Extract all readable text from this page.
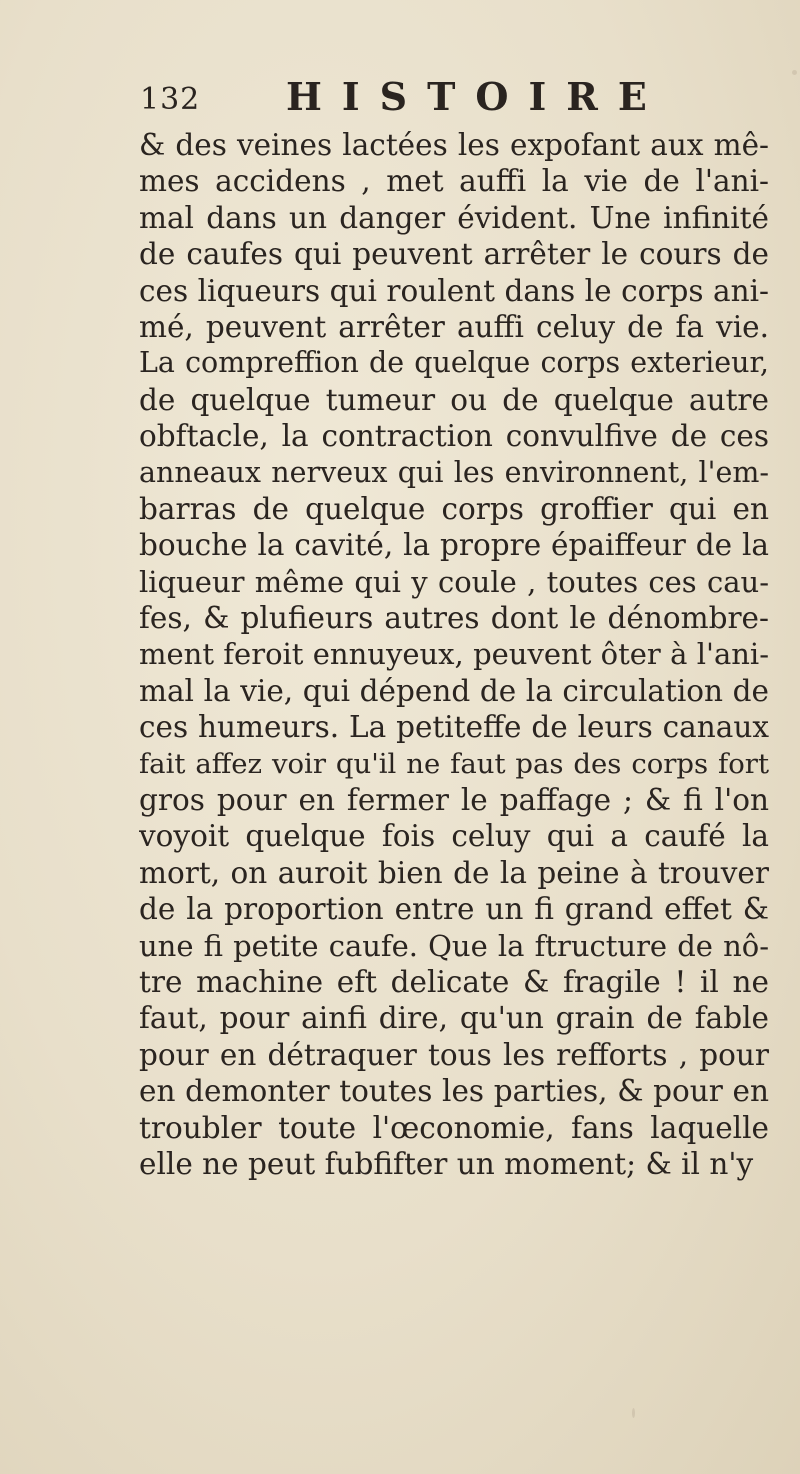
132 HISTOIRE
& des veines lactées les expofant aux mê-
mes accidens , met auffi la vie de l'ani-
mal dans un danger évident. Une infinité
de caufes qui peuvent arrêter le cours de
ces liqueurs qui roulent dans le corps ani-
mé, peuvent arrêter auffi celuy de fa vie.
La compreffion de quelque corps exterieur,
de quelque tumeur ou de quelque autre
obftacle, la contraction convulfive de ces
anneaux nerveux qui les environnent, l'em-
barras de quelque corps groffier qui en
bouche la cavité, la propre épaiffeur de la
liqueur même qui y coule , toutes ces cau-
fes, & plufieurs autres dont le dénombre-
ment feroit ennuyeux, peuvent ôter à l'ani-
mal la vie, qui dépend de la circulation de
ces humeurs. La petiteffe de leurs canaux
fait affez voir qu'il ne faut pas des corps fort
gros pour en fermer le paffage ; & fi l'on
voyoit quelque fois celuy qui a caufé la
mort, on auroit bien de la peine à trouver
de la proportion entre un fi grand effet &
une fi petite caufe. Que la ftructure de nô-
tre machine eft delicate & fragile ! il ne
faut, pour ainfi dire, qu'un grain de fable
pour en détraquer tous les refforts , pour
en demonter toutes les parties, & pour en
troubler toute l'œconomie, fans laquelle
elle ne peut fubfifter un moment; & il n'y
